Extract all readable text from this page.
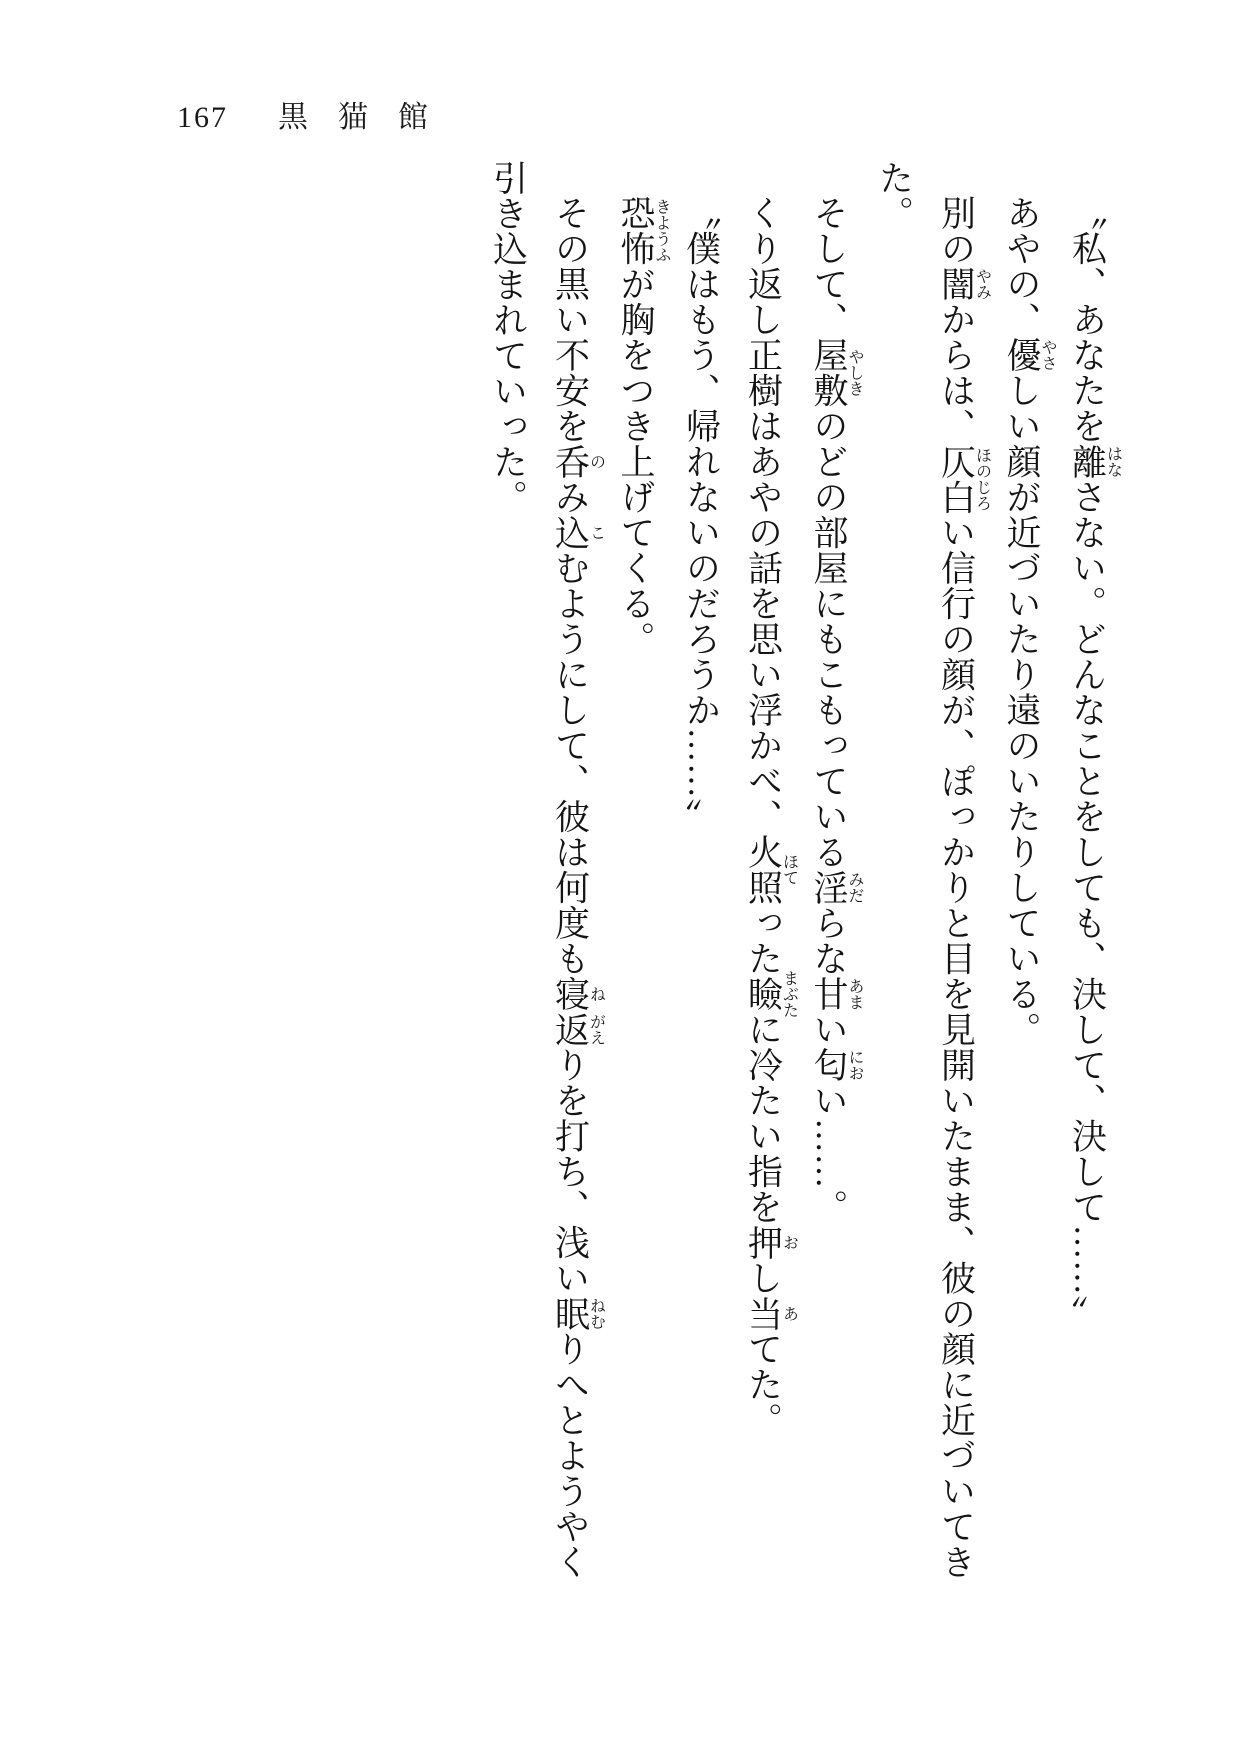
167 黒猫館

〝私、あなたを離はなさない。どんなことをしても、決して、決して……〟

あやの、優やさしい顔が近づいたり遠のいたりしている。

別の闇やみからは、仄白ほのじろい信行の顔が、ぽっかりと目を見開いたまま、彼の顔に近づいてきた。

そして、屋敷やしきのどの部屋にもこもっている淫みだらな甘あまい匂におい……。

くり返し正樹はあやの話を思い浮かべ、火照ほてった瞼まぶたに冷たい指を押おし当あてた。

〝僕はもう、帰れないのだろうか……〟

恐怖きようふが胸をつき上げてくる。

その黒い不安を呑のみ込こむようにして、彼は何度も寝ね返がえりを打ち、浅い眠ねむりへとようやく引き込まれていった。
